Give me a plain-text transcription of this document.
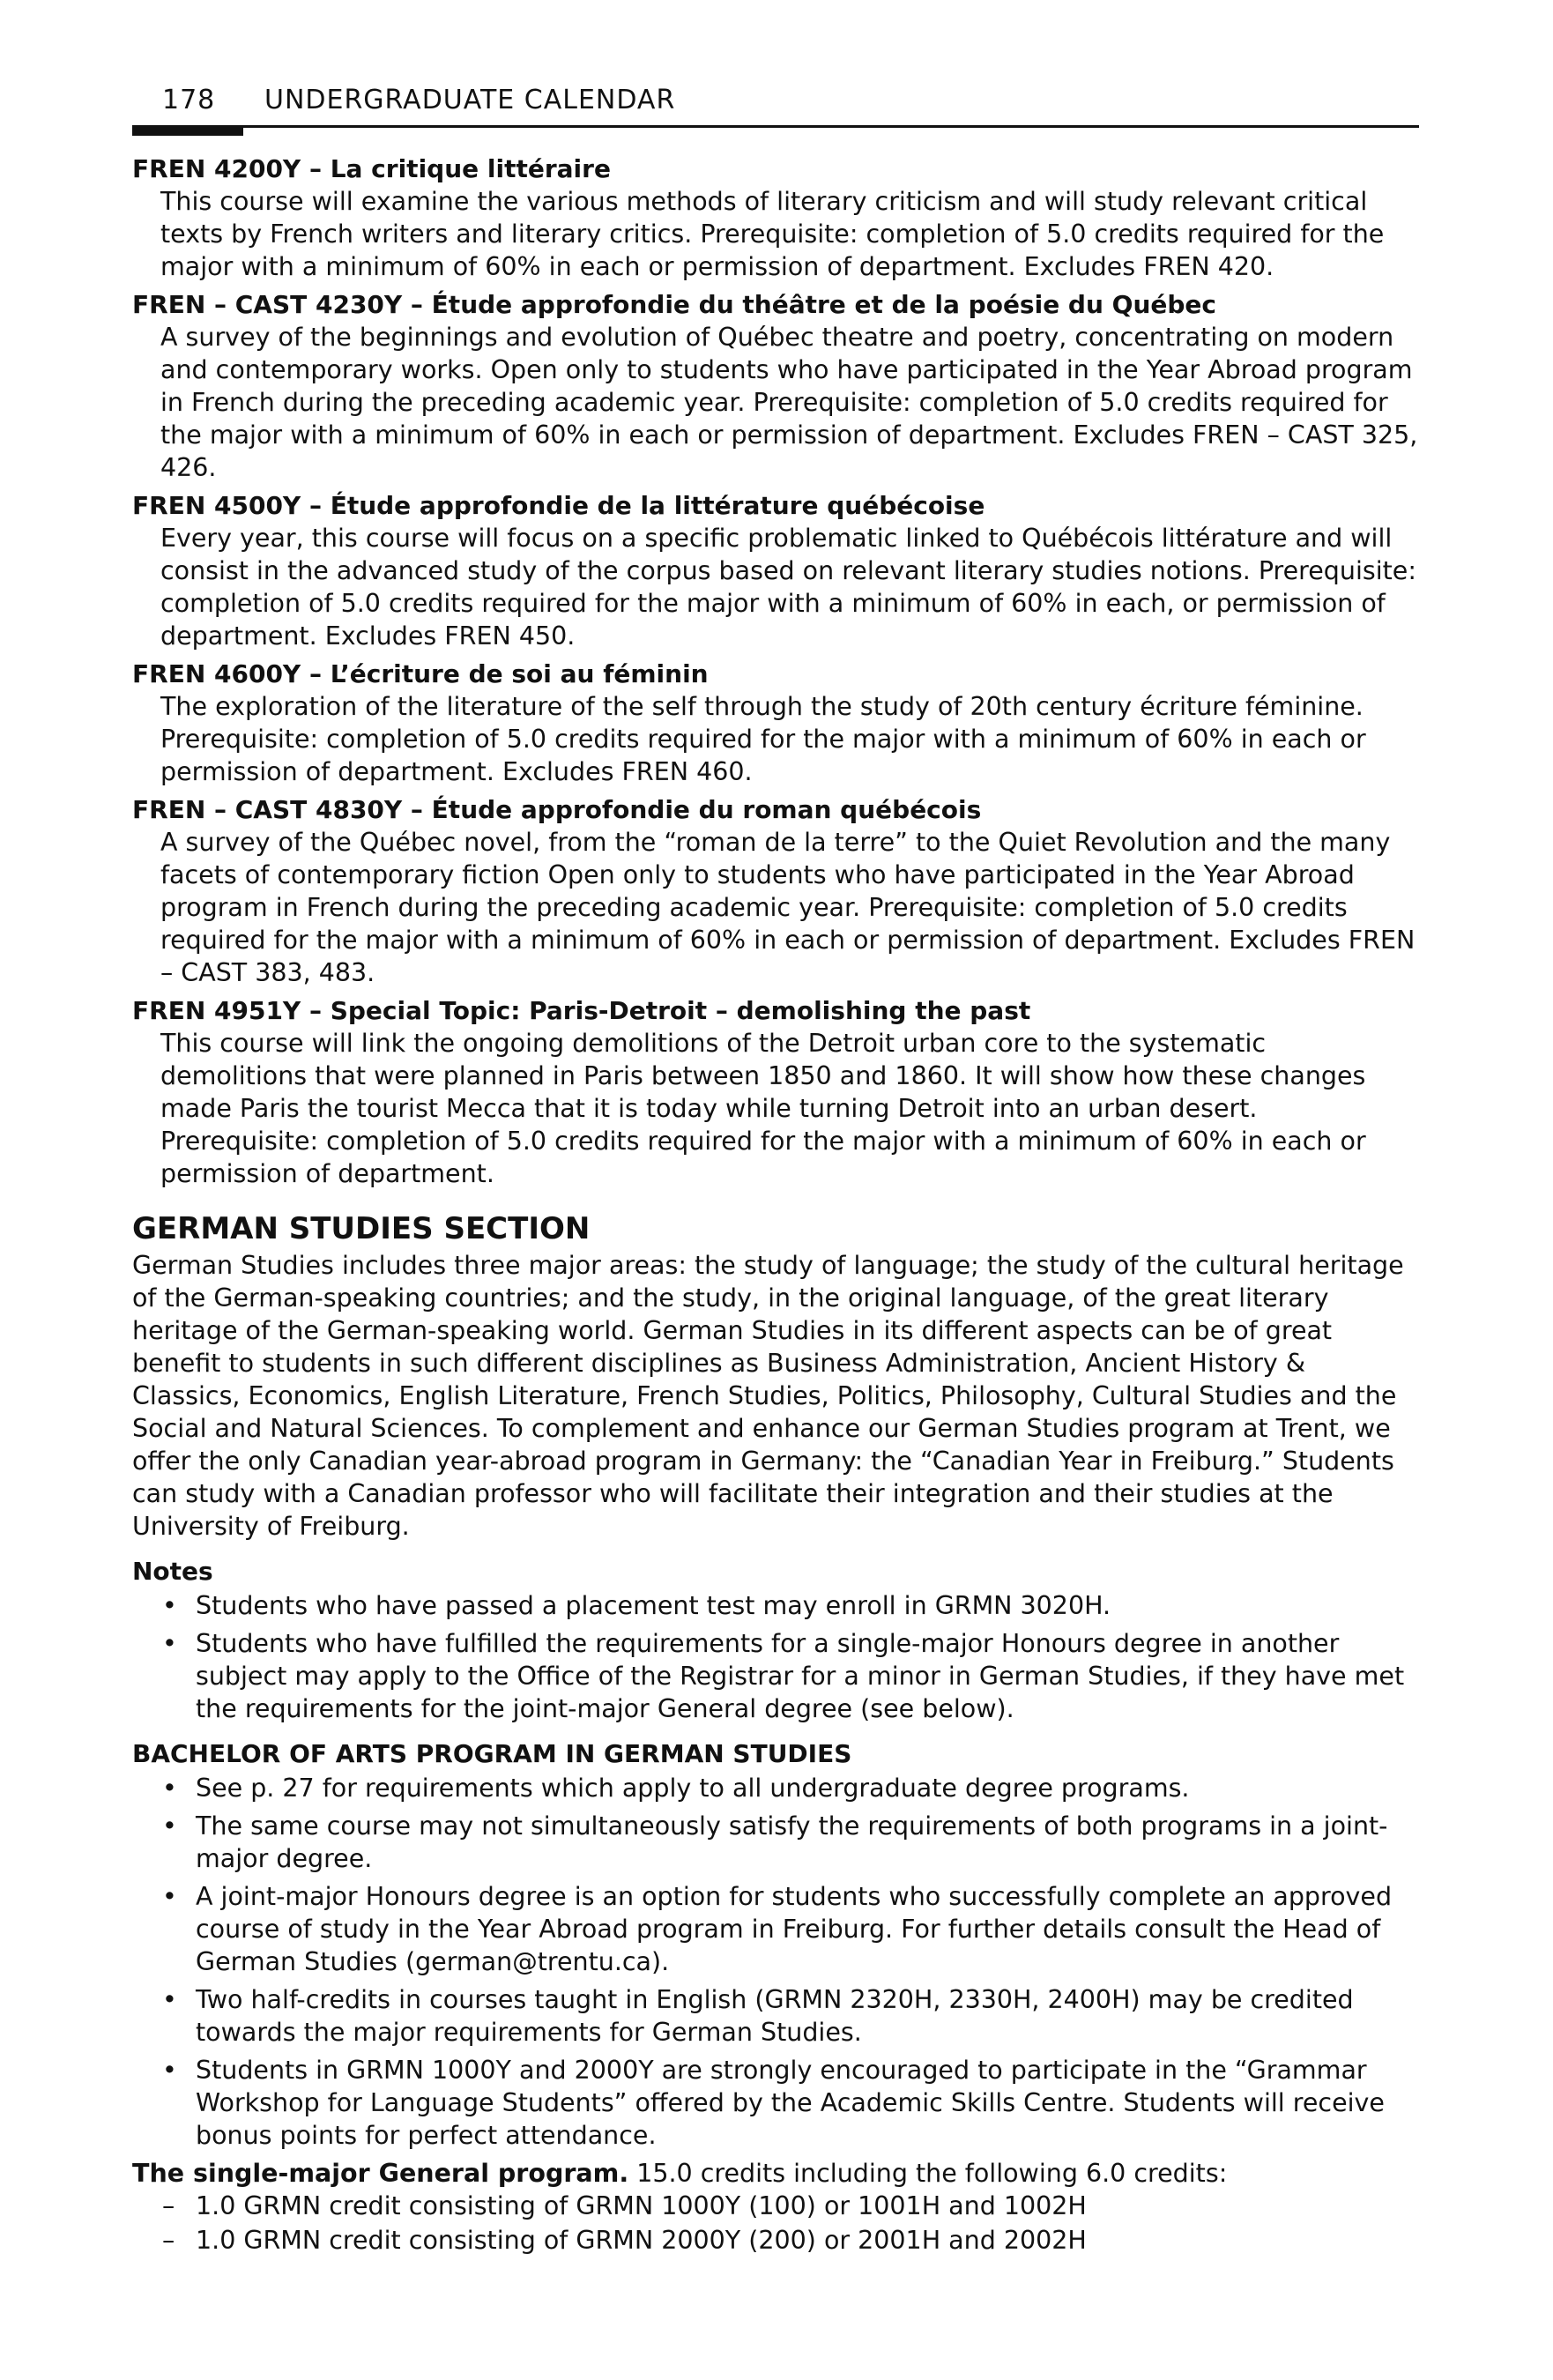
178 UNDERGRADUATE CALENDAR
FREN 4200Y – La critique littéraire
This course will examine the various methods of literary criticism and will study relevant critical texts by French writers and literary critics. Prerequisite: completion of 5.0 credits required for the major with a minimum of 60% in each or permission of department. Excludes FREN 420.
FREN – CAST 4230Y – Étude approfondie du théâtre et de la poésie du Québec
A survey of the beginnings and evolution of Québec theatre and poetry, concentrating on modern and contemporary works. Open only to students who have participated in the Year Abroad program in French during the preceding academic year. Prerequisite: completion of 5.0 credits required for the major with a minimum of 60% in each or permission of department. Excludes FREN – CAST 325, 426.
FREN 4500Y – Étude approfondie de la littérature québécoise
Every year, this course will focus on a specific problematic linked to Québécois littérature and will consist in the advanced study of the corpus based on relevant literary studies notions. Prerequisite: completion of 5.0 credits required for the major with a minimum of 60% in each, or permission of department. Excludes FREN 450.
FREN 4600Y – L’écriture de soi au féminin
The exploration of the literature of the self through the study of 20th century écriture féminine. Prerequisite: completion of 5.0 credits required for the major with a minimum of 60% in each or permission of department. Excludes FREN 460.
FREN – CAST 4830Y – Étude approfondie du roman québécois
A survey of the Québec novel, from the “roman de la terre” to the Quiet Revolution and the many facets of contemporary fiction Open only to students who have participated in the Year Abroad program in French during the preceding academic year. Prerequisite: completion of 5.0 credits required for the major with a minimum of 60% in each or permission of department. Excludes FREN – CAST 383, 483.
FREN 4951Y – Special Topic: Paris-Detroit – demolishing the past
This course will link the ongoing demolitions of the Detroit urban core to the systematic demolitions that were planned in Paris between 1850 and 1860. It will show how these changes made Paris the tourist Mecca that it is today while turning Detroit into an urban desert. Prerequisite: completion of 5.0 credits required for the major with a minimum of 60% in each or permission of department.
GERMAN STUDIES SECTION

German Studies includes three major areas: the study of language; the study of the cultural heritage of the German-speaking countries; and the study, in the original language, of the great literary heritage of the German-speaking world. German Studies in its different aspects can be of great benefit to students in such different disciplines as Business Administration, Ancient History & Classics, Economics, English Literature, French Studies, Politics, Philosophy, Cultural Studies and the Social and Natural Sciences. To complement and enhance our German Studies program at Trent, we offer the only Canadian year-abroad program in Germany: the “Canadian Year in Freiburg.” Students can study with a Canadian professor who will facilitate their integration and their studies at the University of Freiburg.

Notes
• Students who have passed a placement test may enroll in GRMN 3020H.
• Students who have fulfilled the requirements for a single-major Honours degree in another subject may apply to the Office of the Registrar for a minor in German Studies, if they have met the requirements for the joint-major General degree (see below).
BACHELOR OF ARTS PROGRAM IN GERMAN STUDIES
• See p. 27 for requirements which apply to all undergraduate degree programs.
• The same course may not simultaneously satisfy the requirements of both programs in a joint-major degree.
• A joint-major Honours degree is an option for students who successfully complete an approved course of study in the Year Abroad program in Freiburg. For further details consult the Head of German Studies (german@trentu.ca).
• Two half-credits in courses taught in English (GRMN 2320H, 2330H, 2400H) may be credited towards the major requirements for German Studies.
• Students in GRMN 1000Y and 2000Y are strongly encouraged to participate in the “Grammar Workshop for Language Students” offered by the Academic Skills Centre. Students will receive bonus points for perfect attendance.
The single-major General program. 15.0 credits including the following 6.0 credits:
– 1.0 GRMN credit consisting of GRMN 1000Y (100) or 1001H and 1002H
– 1.0 GRMN credit consisting of GRMN 2000Y (200) or 2001H and 2002H
